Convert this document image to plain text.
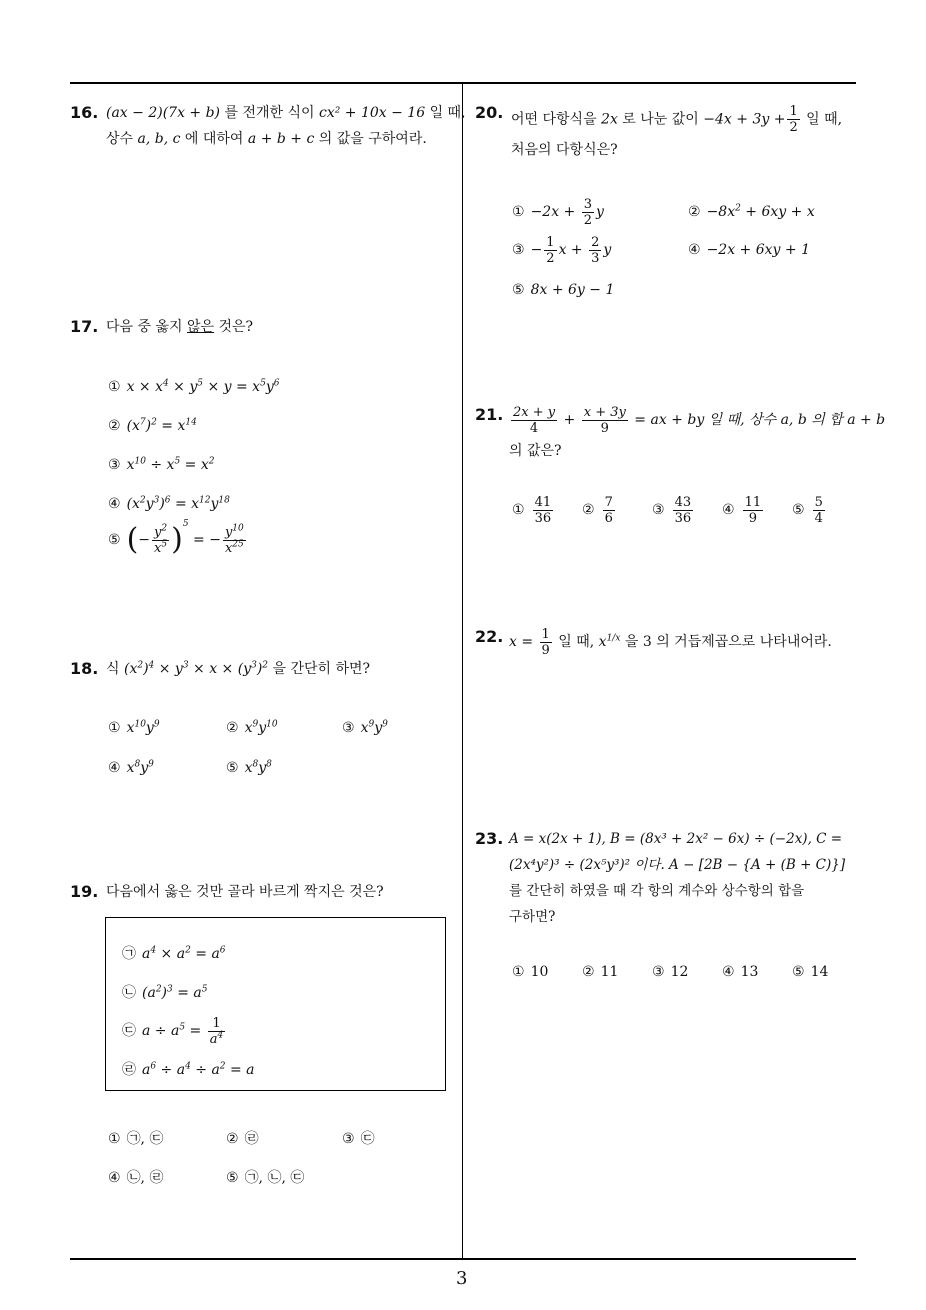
16. (ax − 2)(7x + b) 를 전개한 식이 cx² + 10x − 16 일 때,
상수 a, b, c 에 대하여 a + b + c 의 값을 구하여라.
17. 다음 중 옳지 않은 것은?
① $x \times x^4 \times y^5 \times y = x^5y^6$
② $(x^7)^2 = x^{14}$
③ $x^{10} \div x^5 = x^2$
④ $(x^2y^3)^6 = x^{12}y^{18}$
⑤ (− $\frac{y^2}{x^5} )^5$ = − $\frac{y^{10}}{x^{25}}$
18. 식 $(x^2)^4 \times y^3 \times x \times (y^3)^2$ 을 간단히 하면?
① $x^{10}y^9$	② $x^9y^{10}$	③ $x^9y^9$
④ $x^8y^9$	⑤ $x^8y^8$
19. 다음에서 옳은 것만 골라 바르게 짝지은 것은?
㉠ $a^4 \times a^2 = a^6$
㉡ $(a^2)^3 = a^5$
㉢ $a \div a^5 = \frac{1}{a^4}$
㉣ $a^6 \div a^4 \div a^2 = a$
① ㉠, ㉢	② ㉣	③ ㉢
④ ㉡, ㉣	⑤ ㉠, ㉡, ㉢
20. 어떤 다항식을 2x 로 나눈 값이 $-4x + 3y + \frac{1}{2}$ 일 때,
처음의 다항식은?
① $-2x + \frac{3}{2}$ y	② $-8x^2 + 6xy + x$
③ − $\frac{1}{2}$ $x + \frac{2}{3}$ y	④ −2x + 6xy + 1
⑤ 8x + 6y − 1
21. $\frac{2x + y}{4} + \frac{x + 3y}{9}$ = ax + by 일 때, 상수 a, b 의 합 a + b
의 값은?
① $\frac{41}{36}$ ② $\frac{7}{6}$	③ $\frac{43}{36}$ ④ $\frac{11}{9}$ ⑤ $\frac{5}{4}$
22. $x = \frac{1}{9}$ 일 때, $x^{1/x}$ 을 3 의 거듭제곱으로 나타내어라.
23. A = x(2x + 1), B = (8x³ + 2x² − 6x) ÷ (−2x), C =
(2x⁴y²)³ ÷ (2x⁵y³)² 이다. A − [2B − {A + (B + C)}]
를 간단히 하였을 때 각 항의 계수와 상수항의 합을
구하면?
① 10 ② 11 ③ 12 ④ 13 ⑤ 14
3
